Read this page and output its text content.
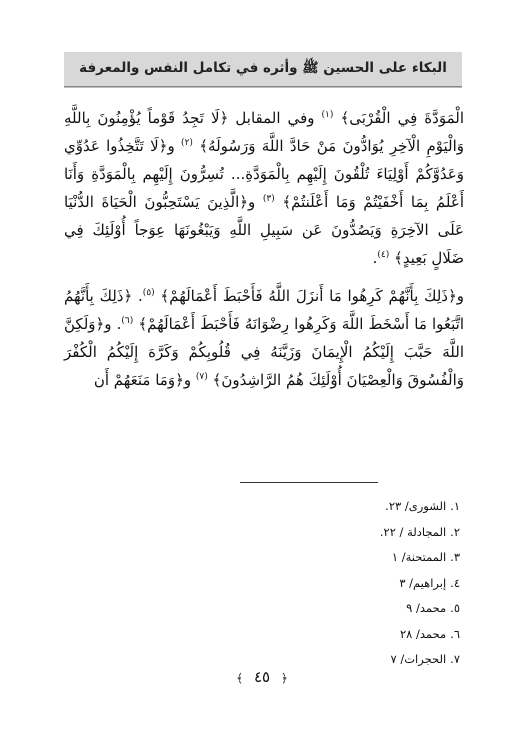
البكاء على الحسين ﷺ وأثره في تكامل النفس والمعرفة

الْمَوَدَّةَ فِي الْقُرْبَى﴾ $^{(١)}$ وفي المقابل ﴿لَا تَجِدُ قَوْماً يُؤْمِنُونَ بِاللَّهِ وَالْيَوْمِ الْآخِرِ يُوَادُّونَ مَنْ حَادَّ اللَّهَ وَرَسُولَهُ﴾ $^{(٢)}$ و﴿لَا تَتَّخِذُوا عَدُوِّي وَعَدُوَّكُمْ أَوْلِيَاءَ تُلْقُونَ إِلَيْهِم بِالْمَوَدَّةِ... تُسِرُّونَ إِلَيْهِم بِالْمَوَدَّةِ وَأَنَا أَعْلَمُ بِمَا أَخْفَيْتُمْ وَمَا أَعْلَنتُمْ﴾ $^{(٣)}$ و﴿الَّذِينَ يَسْتَحِبُّونَ الْحَيَاةَ الدُّنْيَا عَلَى الآخِرَةِ وَيَصُدُّونَ عَن سَبِيلِ اللَّهِ وَيَبْغُونَهَا عِوَجاً أُوْلَئِكَ فِي ضَلَالٍ بَعِيدٍ﴾ $^{(٤)}$.

و﴿ذَلِكَ بِأَنَّهُمْ كَرِهُوا مَا أَنزَلَ اللَّهُ فَأَحْبَطَ أَعْمَالَهُمْ﴾ $^{(٥)}$. ﴿ذَلِكَ بِأَنَّهُمُ اتَّبَعُوا مَا أَسْخَطَ اللَّهَ وَكَرِهُوا رِضْوَانَهُ فَأَحْبَطَ أَعْمَالَهُمْ﴾ $^{(٦)}$. و﴿وَلَكِنَّ اللَّهَ حَبَّبَ إِلَيْكُمُ الْإِيمَانَ وَزَيَّنَهُ فِي قُلُوبِكُمْ وَكَرَّهَ إِلَيْكُمُ الْكُفْرَ وَالْفُسُوقَ وَالْعِصْيَانَ أُوْلَئِكَ هُمُ الرَّاشِدُونَ﴾ $^{(٧)}$ و﴿وَمَا مَنَعَهُمْ أَن

١.الشورى/ ٢٣.
٢.المجادلة / ٢٢.
٣.الممتحنة/ ١
٤.إبراهيم/ ٣
٥.محمد/ ٩
٦.محمد/ ٢٨
٧.الحجرات/ ٧
﴾ ٤٥ ﴿
